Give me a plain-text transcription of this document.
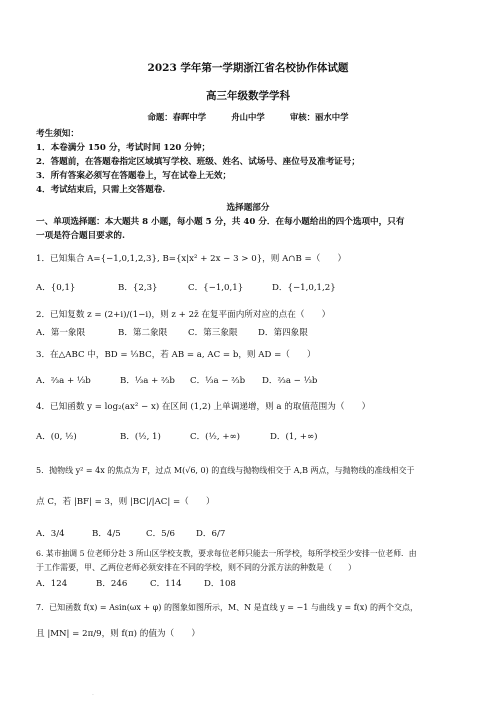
2023 学年第一学期浙江省名校协作体试题
高三年级数学学科
命题：春晖中学　　　舟山中学　　　审核：丽水中学
考生须知：
1．本卷满分 150 分，考试时间 120 分钟；
2．答题前，在答题卷指定区域填写学校、班级、姓名、试场号、座位号及准考证号；
3．所有答案必须写在答题卷上，写在试卷上无效；
4．考试结束后，只需上交答题卷.
选择题部分
一、单项选择题：本大题共 8 小题，每小题 5 分，共 40 分．在每小题给出的四个选项中，只有
一项是符合题目要求的.
1．已知集合 A={−1,0,1,2,3}, B={x|x² + 2x − 3 > 0}，则 A∩B =（　　）
A．{0,1}	B．{2,3}	C．{−1,0,1}	D．{−1,0,1,2}
2．已知复数 z = (2+i)/(1−i)，则 z + 2z̄ 在复平面内所对应的点在（　　）
A．第一象限	B．第二象限 C．第三象限 D．第四象限
3．在△ABC 中，BD = ⅓BC，若 AB = a, AC = b，则 AD =（　　）
A．⅔a + ⅓b	B．⅓a + ⅔b C．⅓a − ⅔b D．⅔a − ⅓b
4．已知函数 y = log₂(ax² − x) 在区间 (1,2) 上单调递增，则 a 的取值范围为（　　）
A．(0, ½)	B．(½, 1)	C．(½, +∞)	D．(1, +∞)
5．抛物线 y² = 4x 的焦点为 F，过点 M(√6, 0) 的直线与抛物线相交于 A,B 两点，与抛物线的准线相交于
点 C，若 |BF| = 3，则 |BC|/|AC| =（　　）
A．3/4	B．4/5	C．5/6 D．6/7
6. 某市抽调 5 位老师分赴 3 所山区学校支教，要求每位老师只能去一所学校，每所学校至少安排一位老师．由
于工作需要，甲、乙两位老师必须安排在不同的学校，则不同的分派方法的种数是（　　）
A．124	B．246	C．114	D．108
7．已知函数 f(x) = Asin(ωx + φ) 的图象如图所示，M、N 是直线 y = −1 与曲线 y = f(x) 的两个交点，
且 |MN| = 2π/9，则 f(π) 的值为（　　）
.
